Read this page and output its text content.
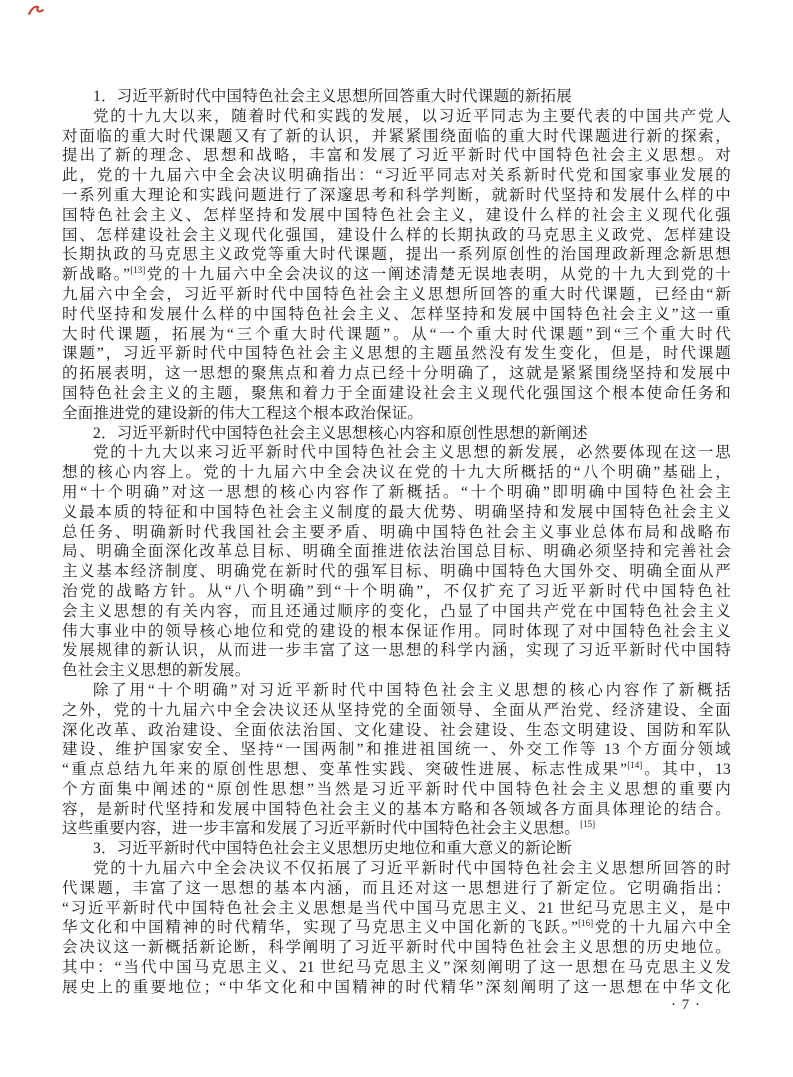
1．习近平新时代中国特色社会主义思想所回答重大时代课题的新拓展
党的十九大以来，随着时代和实践的发展，以习近平同志为主要代表的中国共产党人
对面临的重大时代课题又有了新的认识，并紧紧围绕面临的重大时代课题进行新的探索，
提出了新的理念、思想和战略，丰富和发展了习近平新时代中国特色社会主义思想。对
此，党的十九届六中全会决议明确指出：“习近平同志对关系新时代党和国家事业发展的
一系列重大理论和实践问题进行了深邃思考和科学判断，就新时代坚持和发展什么样的中
国特色社会主义、怎样坚持和发展中国特色社会主义，建设什么样的社会主义现代化强
国、怎样建设社会主义现代化强国，建设什么样的长期执政的马克思主义政党、怎样建设
长期执政的马克思主义政党等重大时代课题，提出一系列原创性的治国理政新理念新思想
新战略。”[13]党的十九届六中全会决议的这一阐述清楚无误地表明，从党的十九大到党的十
九届六中全会，习近平新时代中国特色社会主义思想所回答的重大时代课题，已经由“新
时代坚持和发展什么样的中国特色社会主义、怎样坚持和发展中国特色社会主义”这一重
大时代课题，拓展为“三个重大时代课题”。从“一个重大时代课题”到“三个重大时代
课题”，习近平新时代中国特色社会主义思想的主题虽然没有发生变化，但是，时代课题
的拓展表明，这一思想的聚焦点和着力点已经十分明确了，这就是紧紧围绕坚持和发展中
国特色社会主义的主题，聚焦和着力于全面建设社会主义现代化强国这个根本使命任务和
全面推进党的建设新的伟大工程这个根本政治保证。
2．习近平新时代中国特色社会主义思想核心内容和原创性思想的新阐述
党的十九大以来习近平新时代中国特色社会主义思想的新发展，必然要体现在这一思
想的核心内容上。党的十九届六中全会决议在党的十九大所概括的“八个明确”基础上，
用“十个明确”对这一思想的核心内容作了新概括。“十个明确”即明确中国特色社会主
义最本质的特征和中国特色社会主义制度的最大优势、明确坚持和发展中国特色社会主义
总任务、明确新时代我国社会主要矛盾、明确中国特色社会主义事业总体布局和战略布
局、明确全面深化改革总目标、明确全面推进依法治国总目标、明确必须坚持和完善社会
主义基本经济制度、明确党在新时代的强军目标、明确中国特色大国外交、明确全面从严
治党的战略方针。从“八个明确”到“十个明确”，不仅扩充了习近平新时代中国特色社
会主义思想的有关内容，而且还通过顺序的变化，凸显了中国共产党在中国特色社会主义
伟大事业中的领导核心地位和党的建设的根本保证作用。同时体现了对中国特色社会主义
发展规律的新认识，从而进一步丰富了这一思想的科学内涵，实现了习近平新时代中国特
色社会主义思想的新发展。
除了用“十个明确”对习近平新时代中国特色社会主义思想的核心内容作了新概括
之外，党的十九届六中全会决议还从坚持党的全面领导、全面从严治党、经济建设、全面
深化改革、政治建设、全面依法治国、文化建设、社会建设、生态文明建设、国防和军队
建设、维护国家安全、坚持“一国两制”和推进祖国统一、外交工作等 13 个方面分领域
“重点总结九年来的原创性思想、变革性实践、突破性进展、标志性成果”[14]。其中，13
个方面集中阐述的“原创性思想”当然是习近平新时代中国特色社会主义思想的重要内
容，是新时代坚持和发展中国特色社会主义的基本方略和各领域各方面具体理论的结合。
这些重要内容，进一步丰富和发展了习近平新时代中国特色社会主义思想。[15]
3．习近平新时代中国特色社会主义思想历史地位和重大意义的新论断
党的十九届六中全会决议不仅拓展了习近平新时代中国特色社会主义思想所回答的时
代课题，丰富了这一思想的基本内涵，而且还对这一思想进行了新定位。它明确指出：
“习近平新时代中国特色社会主义思想是当代中国马克思主义、21 世纪马克思主义，是中
华文化和中国精神的时代精华，实现了马克思主义中国化新的飞跃。”[16]党的十九届六中全
会决议这一新概括新论断，科学阐明了习近平新时代中国特色社会主义思想的历史地位。
其中：“当代中国马克思主义、21 世纪马克思主义”深刻阐明了这一思想在马克思主义发
展史上的重要地位；“中华文化和中国精神的时代精华”深刻阐明了这一思想在中华文化
· 7 ·
